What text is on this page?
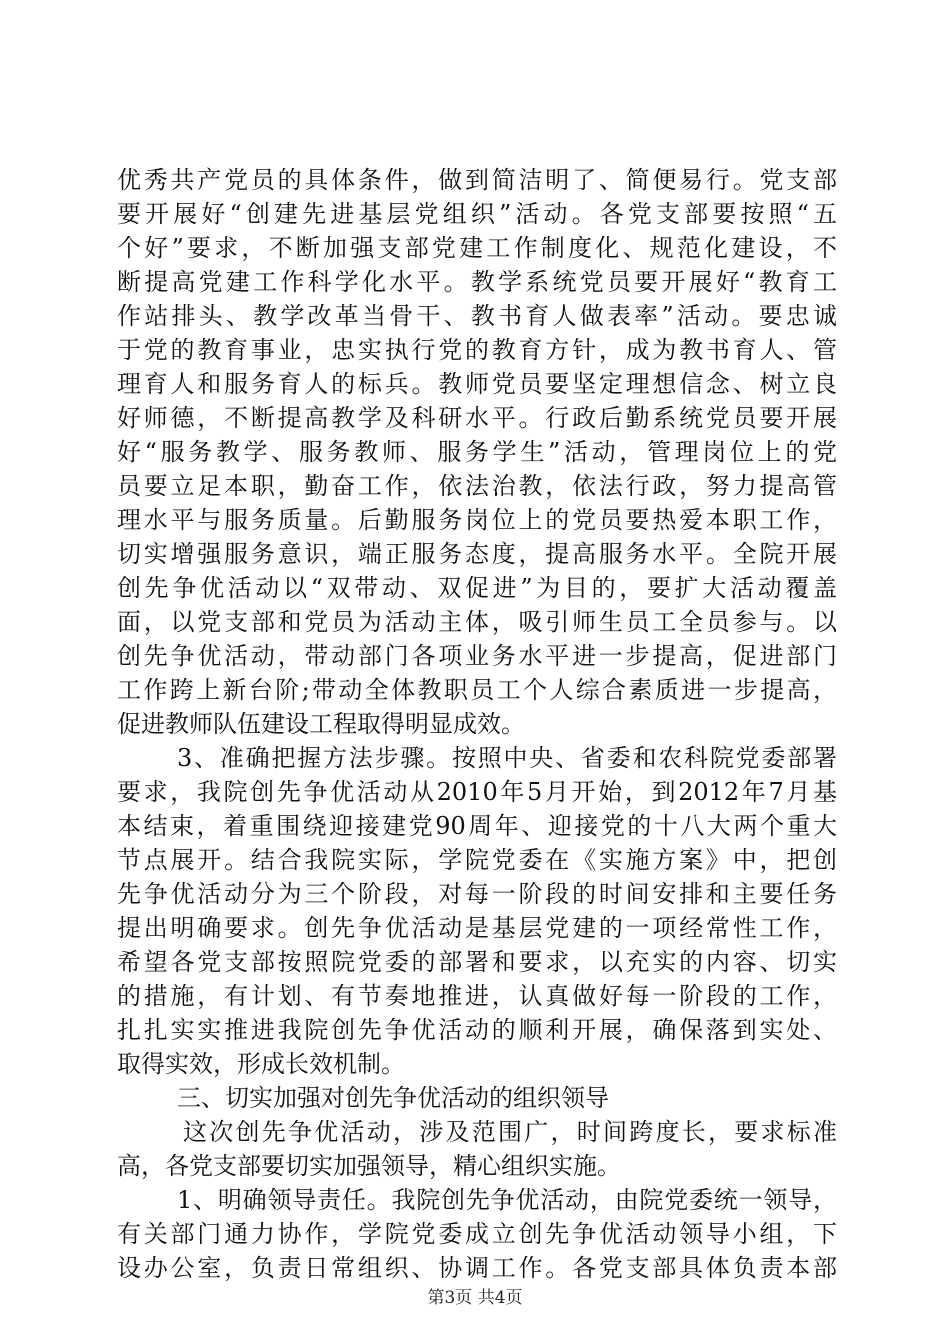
优秀共产党员的具体条件，做到简洁明了、简便易行。党支部
要开展好“创建先进基层党组织”活动。各党支部要按照“五
个好”要求，不断加强支部党建工作制度化、规范化建设，不
断提高党建工作科学化水平。教学系统党员要开展好“教育工
作站排头、教学改革当骨干、教书育人做表率”活动。要忠诚
于党的教育事业，忠实执行党的教育方针，成为教书育人、管
理育人和服务育人的标兵。教师党员要坚定理想信念、树立良
好师德，不断提高教学及科研水平。行政后勤系统党员要开展
好“服务教学、服务教师、服务学生”活动，管理岗位上的党
员要立足本职，勤奋工作，依法治教，依法行政，努力提高管
理水平与服务质量。后勤服务岗位上的党员要热爱本职工作，
切实增强服务意识，端正服务态度，提高服务水平。全院开展
创先争优活动以“双带动、双促进”为目的，要扩大活动覆盖
面，以党支部和党员为活动主体，吸引师生员工全员参与。以
创先争优活动，带动部门各项业务水平进一步提高，促进部门
工作跨上新台阶;带动全体教职员工个人综合素质进一步提高，
促进教师队伍建设工程取得明显成效。
3、准确把握方法步骤。按照中央、省委和农科院党委部署
要求，我院创先争优活动从2010年5月开始，到2012年7月基
本结束，着重围绕迎接建党90周年、迎接党的十八大两个重大
节点展开。结合我院实际，学院党委在《实施方案》中，把创
先争优活动分为三个阶段，对每一阶段的时间安排和主要任务
提出明确要求。创先争优活动是基层党建的一项经常性工作，
希望各党支部按照院党委的部署和要求，以充实的内容、切实
的措施，有计划、有节奏地推进，认真做好每一阶段的工作，
扎扎实实推进我院创先争优活动的顺利开展，确保落到实处、
取得实效，形成长效机制。
三、切实加强对创先争优活动的组织领导
这次创先争优活动，涉及范围广，时间跨度长，要求标准
高，各党支部要切实加强领导，精心组织实施。
1、明确领导责任。我院创先争优活动，由院党委统一领导，
有关部门通力协作，学院党委成立创先争优活动领导小组，下
设办公室，负责日常组织、协调工作。各党支部具体负责本部
第3页 共4页
